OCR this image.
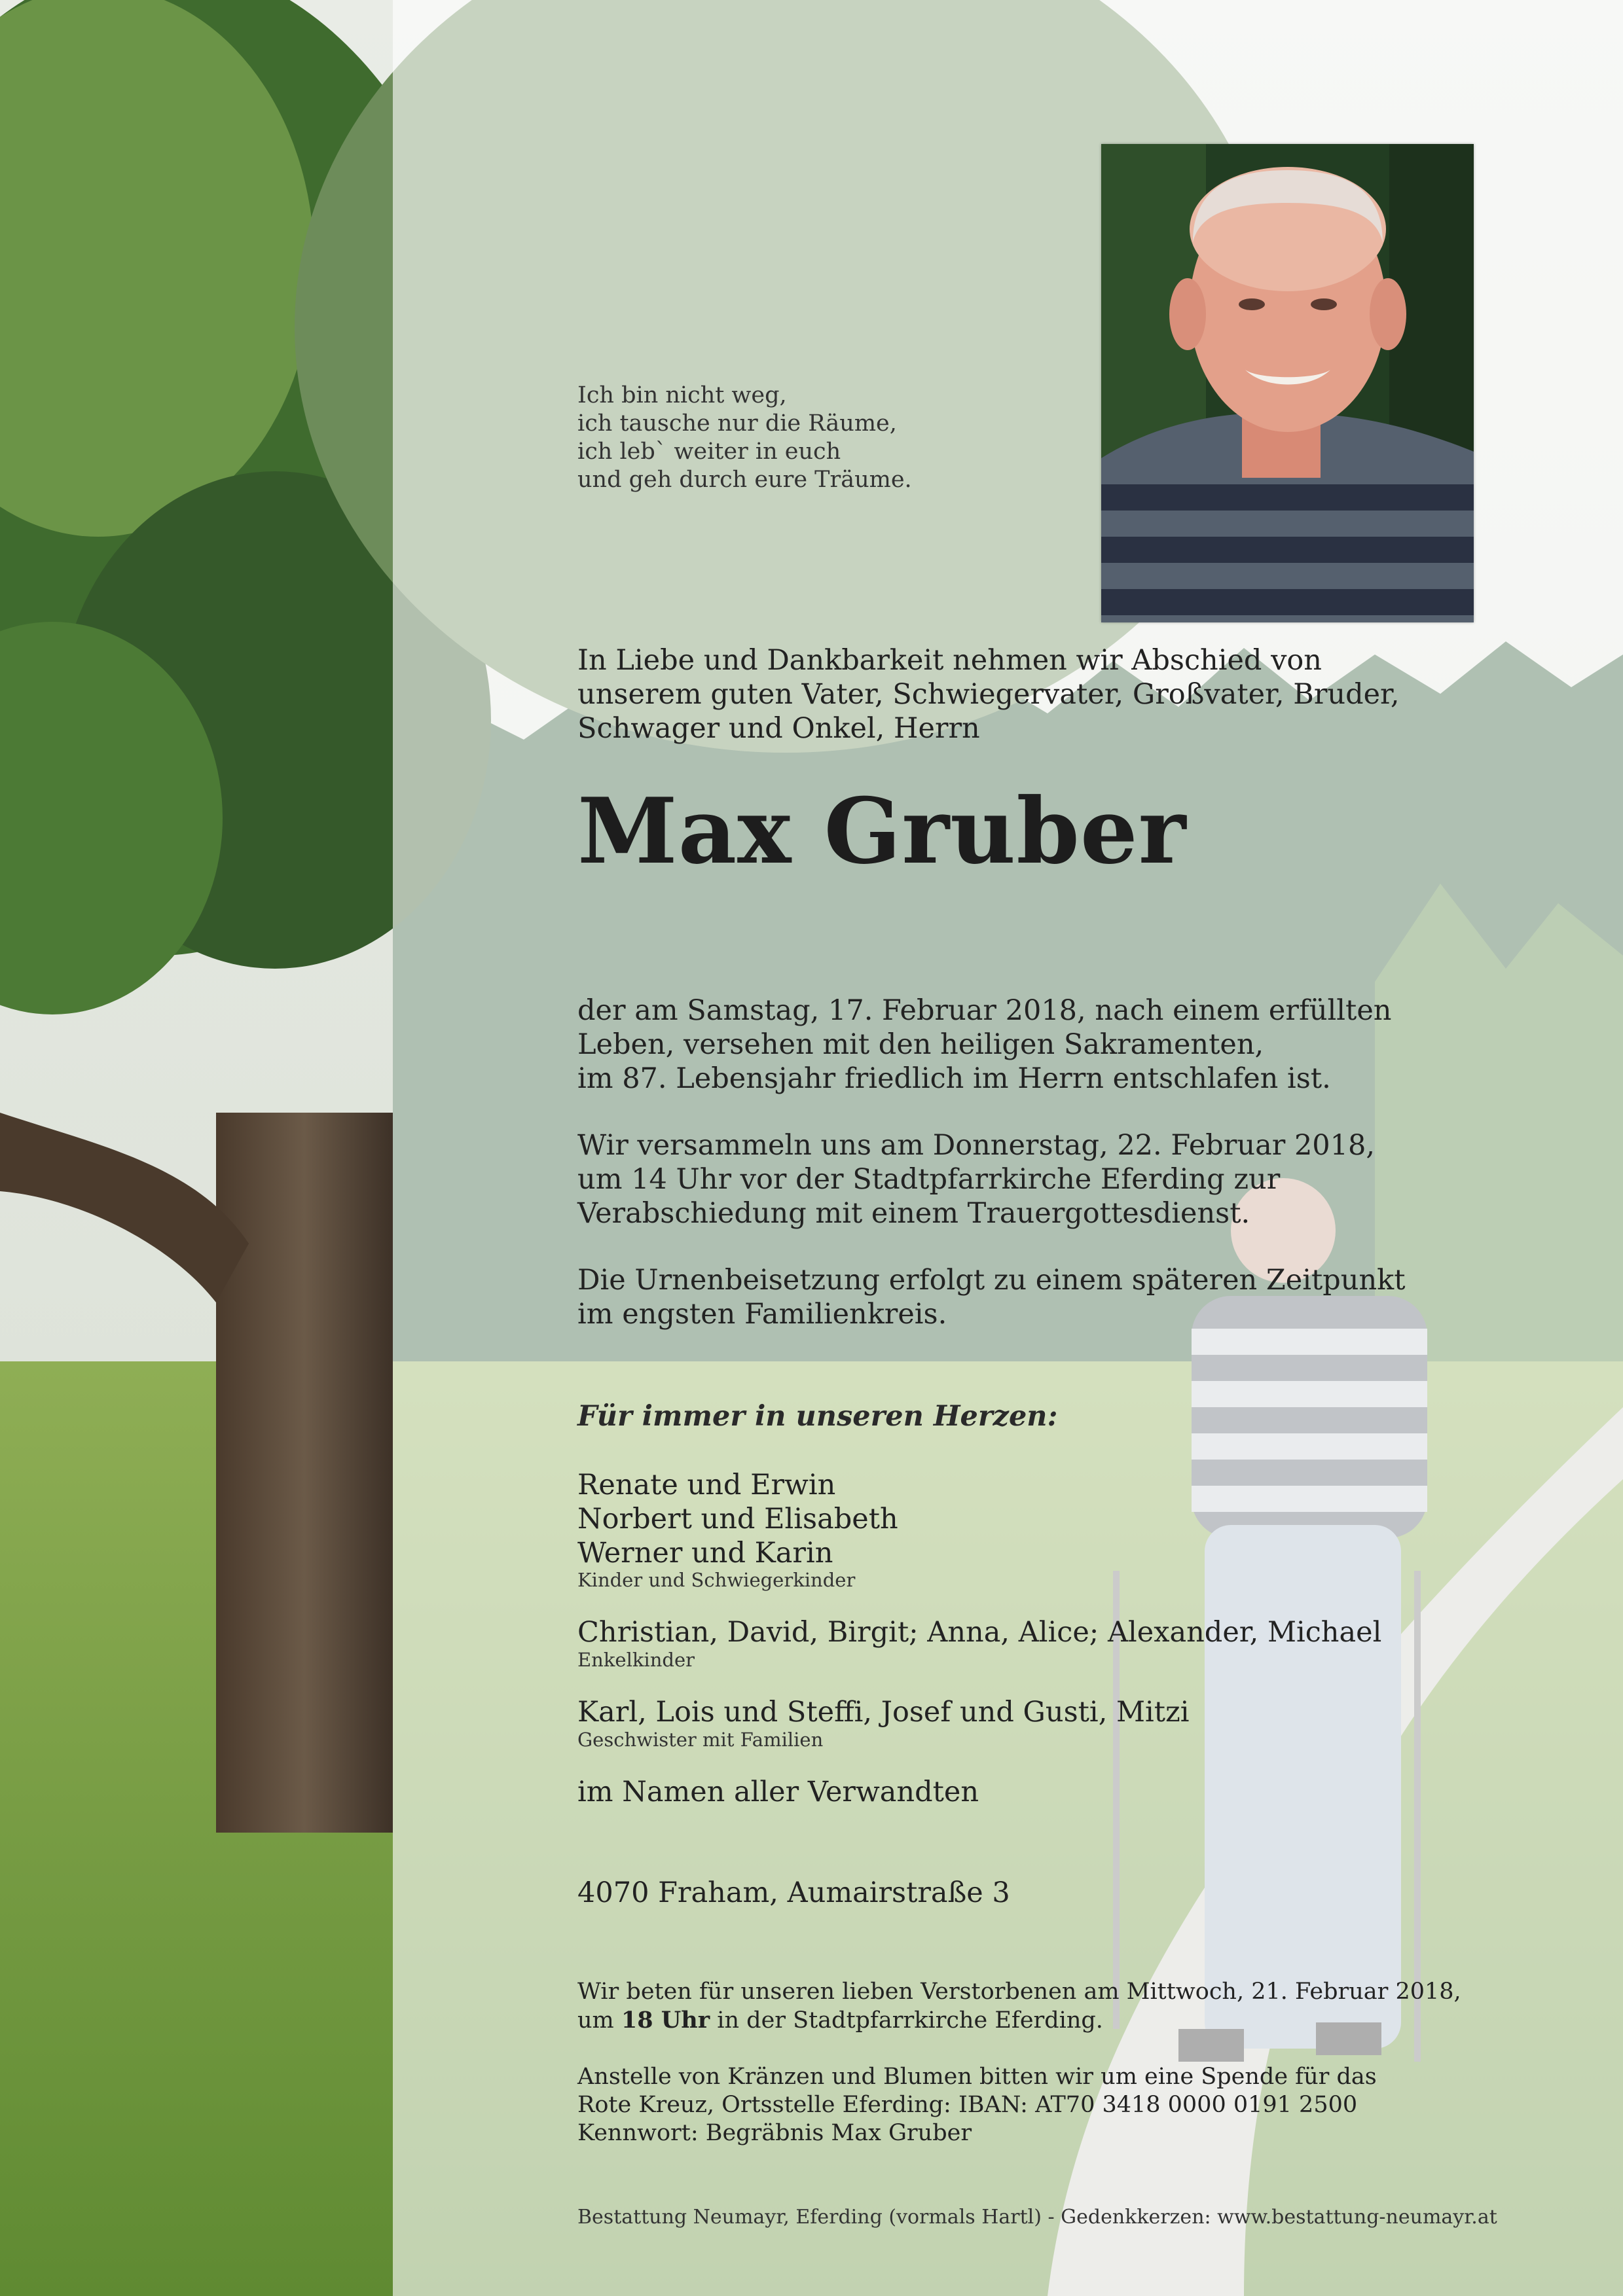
Ich bin nicht weg,
ich tausche nur die Räume,
ich leb` weiter in euch
und geh durch eure Träume.
In Liebe und Dankbarkeit nehmen wir Abschied von
unserem guten Vater, Schwiegervater, Großvater, Bruder,
Schwager und Onkel, Herrn
Max Gruber
der am Samstag, 17. Februar 2018, nach einem erfüllten
Leben, versehen mit den heiligen Sakramenten,
im 87. Lebensjahr friedlich im Herrn entschlafen ist.
Wir versammeln uns am Donnerstag, 22. Februar 2018,
um 14 Uhr vor der Stadtpfarrkirche Eferding zur
Verabschiedung mit einem Trauergottesdienst.
Die Urnenbeisetzung erfolgt zu einem späteren Zeitpunkt
im engsten Familienkreis.
Für immer in unseren Herzen:
Renate und Erwin
Norbert und Elisabeth
Werner und Karin
Kinder und Schwiegerkinder
Christian, David, Birgit; Anna, Alice; Alexander, Michael
Enkelkinder
Karl, Lois und Steffi, Josef und Gusti, Mitzi
Geschwister mit Familien
im Namen aller Verwandten
4070 Fraham, Aumairstraße 3
Wir beten für unseren lieben Verstorbenen am Mittwoch, 21. Februar 2018,
um 18 Uhr in der Stadtpfarrkirche Eferding.
Anstelle von Kränzen und Blumen bitten wir um eine Spende für das
Rote Kreuz, Ortsstelle Eferding: IBAN: AT70 3418 0000 0191 2500
Kennwort: Begräbnis Max Gruber
Bestattung Neumayr, Eferding (vormals Hartl) - Gedenkkerzen: www.bestattung-neumayr.at
